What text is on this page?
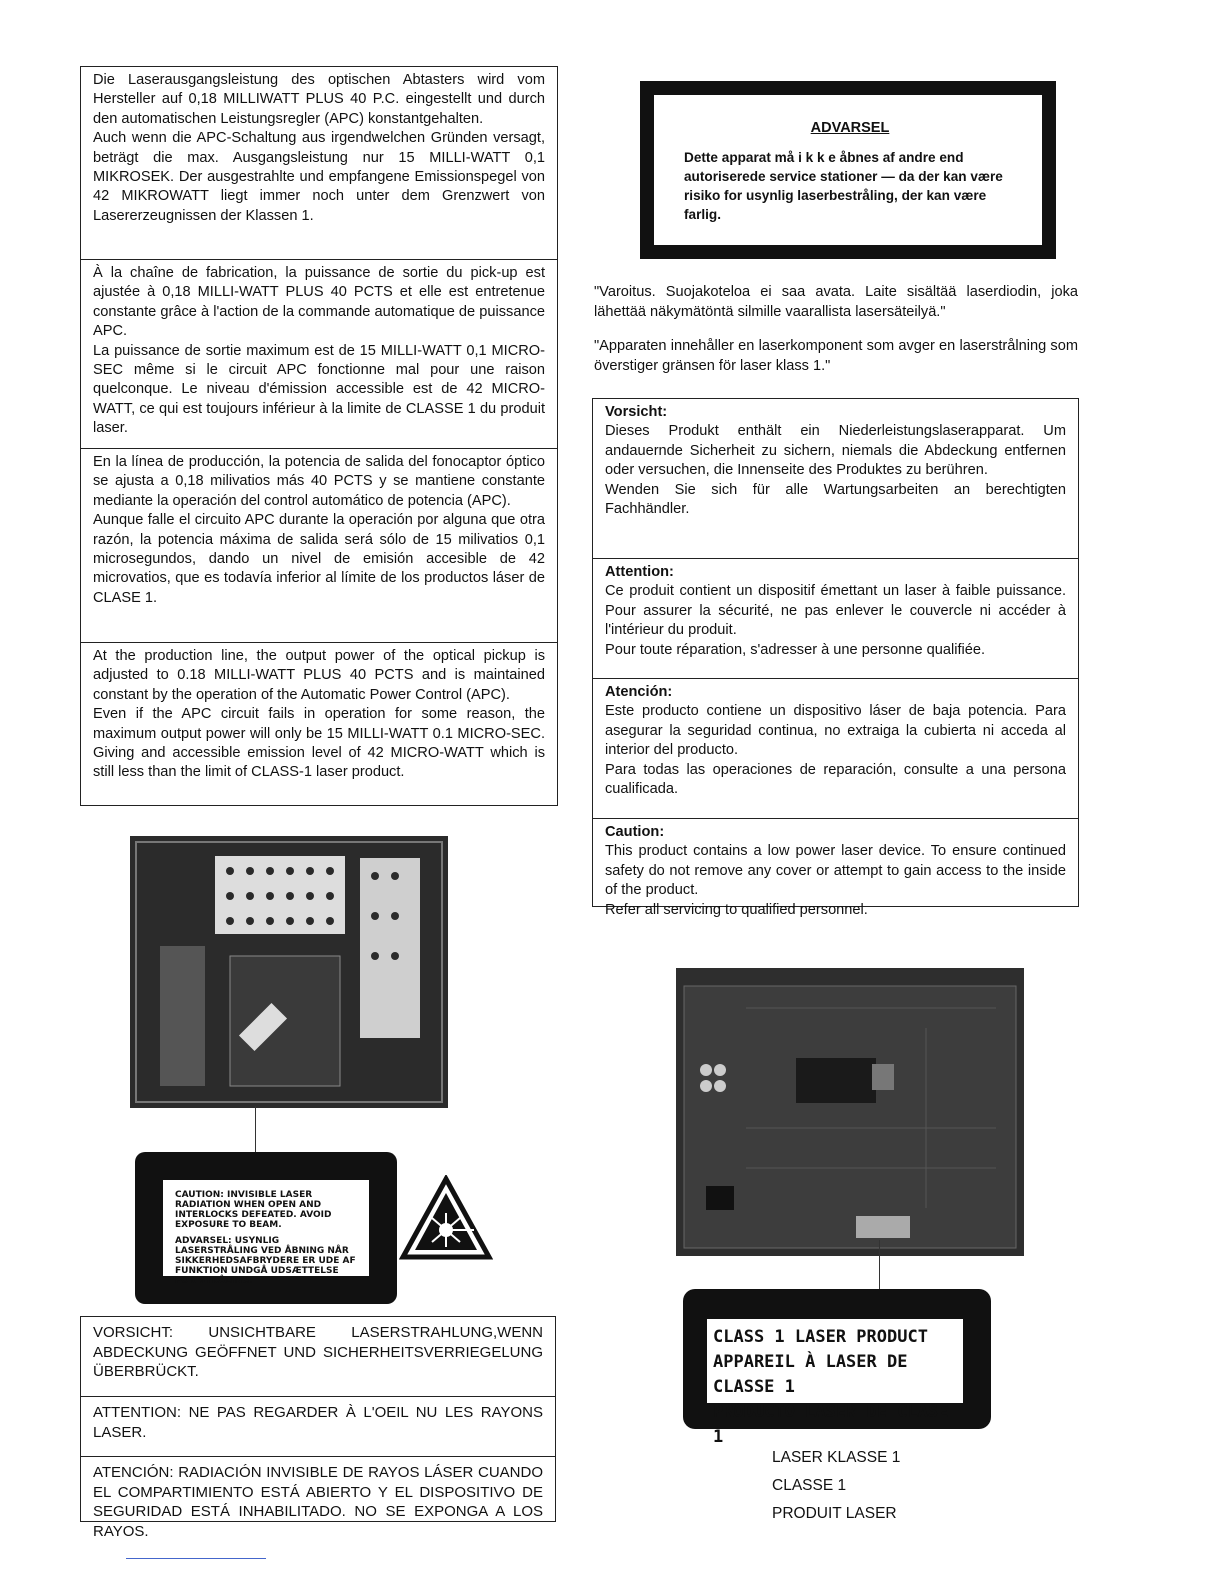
Die Laserausgangsleistung des optischen Abtasters wird vom Hersteller auf 0,18 MILLIWATT PLUS 40 P.C. eingestellt und durch den automatischen Leistungsregler (APC) konstantgehalten.

Auch wenn die APC-Schaltung aus irgendwelchen Gründen versagt, beträgt die max. Ausgangsleistung nur 15 MILLI-WATT 0,1 MIKROSEK. Der ausgestrahlte und empfangene Emissionspegel von 42 MIKROWATT liegt immer noch unter dem Grenzwert von Lasererzeugnissen der Klassen 1.

À la chaîne de fabrication, la puissance de sortie du pick-up est ajustée à 0,18 MILLI-WATT PLUS 40 PCTS et elle est entretenue constante grâce à l'action de la commande automatique de puissance APC.

La puissance de sortie maximum est de 15 MILLI-WATT 0,1 MICRO-SEC même si le circuit APC fonctionne mal pour une raison quelconque. Le niveau d'émission accessible est de 42 MICRO-WATT, ce qui est toujours inférieur à la limite de CLASSE 1 du produit laser.

En la línea de producción, la potencia de salida del fonocaptor óptico se ajusta a 0,18 milivatios más 40 PCTS y se mantiene constante mediante la operación del control automático de potencia (APC).

Aunque falle el circuito APC durante la operación por alguna que otra razón, la potencia máxima de salida será sólo de 15 milivatios 0,1 microsegundos, dando un nivel de emisión accesible de 42 microvatios, que es todavía inferior al límite de los productos láser de CLASE 1.

At the production line, the output power of the optical pickup is adjusted to 0.18 MILLI-WATT PLUS 40 PCTS and is maintained constant by the operation of the Automatic Power Control (APC).

Even if the APC circuit fails in operation for some reason, the maximum output power will only be 15 MILLI-WATT 0.1 MICRO-SEC. Giving and accessible emission level of 42 MICRO-WATT which is still less than the limit of CLASS-1 laser product.

ADVARSEL
Dette apparat må i k k e åbnes af andre end autoriserede service stationer — da der kan være risiko for usynlig laserbestråling, der kan være farlig.
"Varoitus. Suojakoteloa ei saa avata. Laite sisältää laserdiodin, joka lähettää näkymätöntä silmille vaarallista lasersäteilyä."
"Apparaten innehåller en laserkomponent som avger en laserstrålning som överstiger gränsen för laser klass 1."
Vorsicht:

Dieses Produkt enthält ein Niederleistungslaserapparat. Um andauernde Sicherheit zu sichern, niemals die Abdeckung entfernen oder versuchen, die Innenseite des Produktes zu berühren.

Wenden Sie sich für alle Wartungsarbeiten an berechtigten Fachhändler.

Attention:

Ce produit contient un dispositif émettant un laser à faible puissance. Pour assurer la sécurité, ne pas enlever le couvercle ni accéder à l'intérieur du produit.

Pour toute réparation, s'adresser à une personne qualifiée.

Atención:

Este producto contiene un dispositivo láser de baja potencia. Para asegurar la seguridad continua, no extraiga la cubierta ni acceda al interior del producto.

Para todas las operaciones de reparación, consulte a una persona cualificada.

Caution:

This product contains a low power laser device. To ensure continued safety do not remove any cover or attempt to gain access to the inside of the product.

Refer all servicing to qualified personnel.

CAUTION: INVISIBLE LASER RADIATION WHEN OPEN AND INTERLOCKS DEFEATED. AVOID EXPOSURE TO BEAM.
ADVARSEL: USYNLIG LASERSTRÅLING VED ÅBNING NÅR SIKKERHEDSAFBRYDERE ER UDE AF FUNKTION UNDGÅ UDSÆTTELSE FOR STRÅLING.
VORSICHT: UNSICHTBARE LASERSTRAHLUNG,WENN ABDECKUNG GEÖFFNET UND SICHERHEITSVERRIEGELUNG ÜBERBRÜCKT.
ATTENTION: NE PAS REGARDER À L'OEIL NU LES RAYONS LASER.
ATENCIÓN: RADIACIÓN INVISIBLE DE RAYOS LÁSER CUANDO EL COMPARTIMIENTO ESTÁ ABIERTO Y EL DISPOSITIVO DE SEGURIDAD ESTÁ INHABILITADO. NO SE EXPONGA A LOS RAYOS.
CLASS 1 LASER PRODUCT
APPAREIL À LASER DE CLASSE 1
PRODUCTO LASER DE CLASE 1
LASER KLASSE 1
CLASSE 1
PRODUIT LASER
